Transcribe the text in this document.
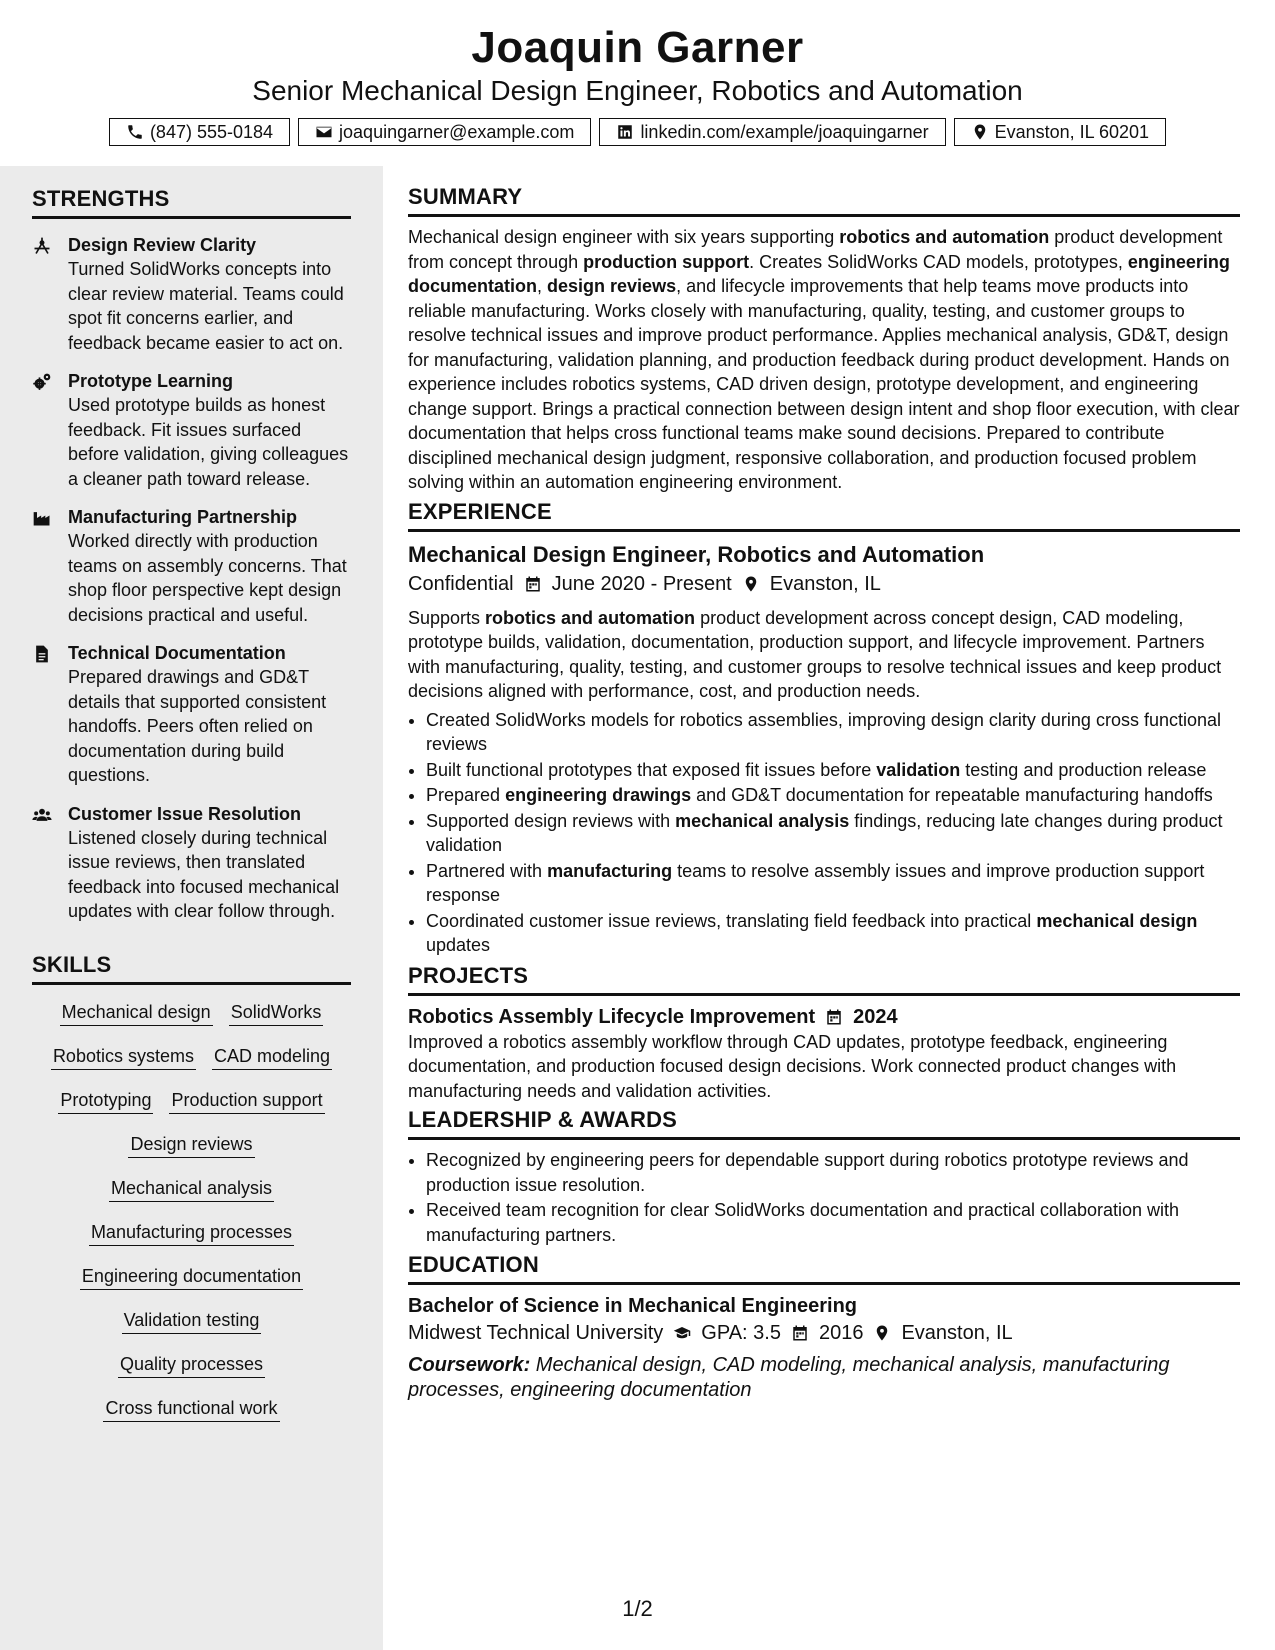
Joaquin Garner
Senior Mechanical Design Engineer, Robotics and Automation
(847) 555-0184	joaquingarner@example.com	linkedin.com/example/joaquingarner	Evanston, IL 60201
STRENGTHS
Design Review Clarity
Turned SolidWorks concepts into clear review material. Teams could spot fit concerns earlier, and feedback became easier to act on.
Prototype Learning
Used prototype builds as honest feedback. Fit issues surfaced before validation, giving colleagues a cleaner path toward release.
Manufacturing Partnership
Worked directly with production teams on assembly concerns. That shop floor perspective kept design decisions practical and useful.
Technical Documentation
Prepared drawings and GD&T details that supported consistent handoffs. Peers often relied on documentation during build questions.
Customer Issue Resolution
Listened closely during technical issue reviews, then translated feedback into focused mechanical updates with clear follow through.
SKILLS
Mechanical design SolidWorks
Robotics systems CAD modeling
Prototyping Production support
Design reviews
Mechanical analysis
Manufacturing processes
Engineering documentation
Validation testing
Quality processes
Cross functional work
SUMMARY

Mechanical design engineer with six years supporting robotics and automation product development from concept through production support. Creates SolidWorks CAD models, prototypes, engineering documentation, design reviews, and lifecycle improvements that help teams move products into reliable manufacturing. Works closely with manufacturing, quality, testing, and customer groups to resolve technical issues and improve product performance. Applies mechanical analysis, GD&T, design for manufacturing, validation planning, and production feedback during product development. Hands on experience includes robotics systems, CAD driven design, prototype development, and engineering change support. Brings a practical connection between design intent and shop floor execution, with clear documentation that helps cross functional teams make sound decisions. Prepared to contribute disciplined mechanical design judgment, responsive collaboration, and production focused problem solving within an automation engineering environment.

EXPERIENCE
Mechanical Design Engineer, Robotics and Automation
Confidential June 2020 - Present Evanston, IL

Supports robotics and automation product development across concept design, CAD modeling, prototype builds, validation, documentation, production support, and lifecycle improvement. Partners with manufacturing, quality, testing, and customer groups to resolve technical issues and keep product decisions aligned with performance, cost, and production needs.

• Created SolidWorks models for robotics assemblies, improving design clarity during cross functional reviews
• Built functional prototypes that exposed fit issues before validation testing and production release
• Prepared engineering drawings and GD&T documentation for repeatable manufacturing handoffs
• Supported design reviews with mechanical analysis findings, reducing late changes during product validation
• Partnered with manufacturing teams to resolve assembly issues and improve production support response
• Coordinated customer issue reviews, translating field feedback into practical mechanical design updates
PROJECTS
Robotics Assembly Lifecycle Improvement 2024

Improved a robotics assembly workflow through CAD updates, prototype feedback, engineering documentation, and production focused design decisions. Work connected product changes with manufacturing needs and validation activities.

LEADERSHIP & AWARDS
• Recognized by engineering peers for dependable support during robotics prototype reviews and production issue resolution.
• Received team recognition for clear SolidWorks documentation and practical collaboration with manufacturing partners.
EDUCATION
Bachelor of Science in Mechanical Engineering
Midwest Technical University GPA: 3.5 2016 Evanston, IL
Coursework: Mechanical design, CAD modeling, mechanical analysis, manufacturing processes, engineering documentation
1/2
